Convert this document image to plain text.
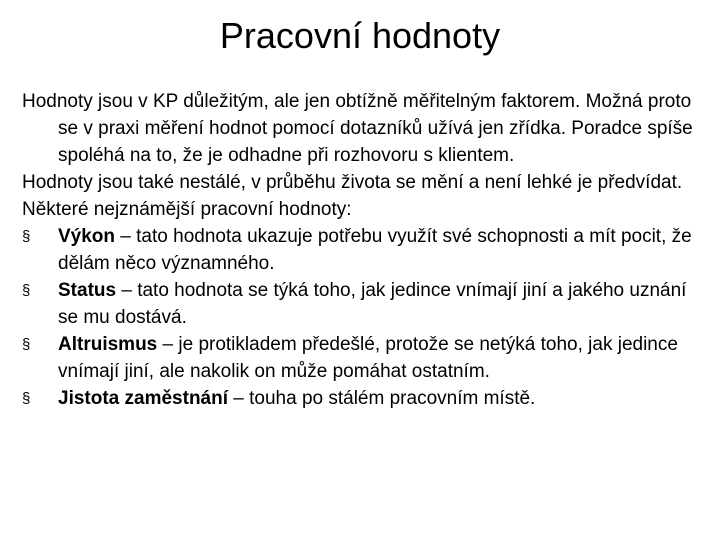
Pracovní hodnoty

Hodnoty jsou v KP důležitým, ale jen obtížně měřitelným faktorem. Možná proto se v praxi měření hodnot pomocí dotazníků užívá jen zřídka. Poradce spíše spoléhá na to, že je odhadne při rozhovoru s klientem.

Hodnoty jsou také nestálé, v průběhu života se mění a není lehké je předvídat.

Některé nejznámější pracovní hodnoty:

§	Výkon – tato hodnota ukazuje potřebu využít své schopnosti a mít pocit, že dělám něco významného.
§	Status – tato hodnota se týká toho, jak jedince vnímají jiní a jakého uznání se mu dostává.
§	Altruismus – je protikladem předešlé, protože se netýká toho, jak jedince vnímají jiní, ale nakolik on může pomáhat ostatním.
§	Jistota zaměstnání – touha po stálém pracovním místě.
